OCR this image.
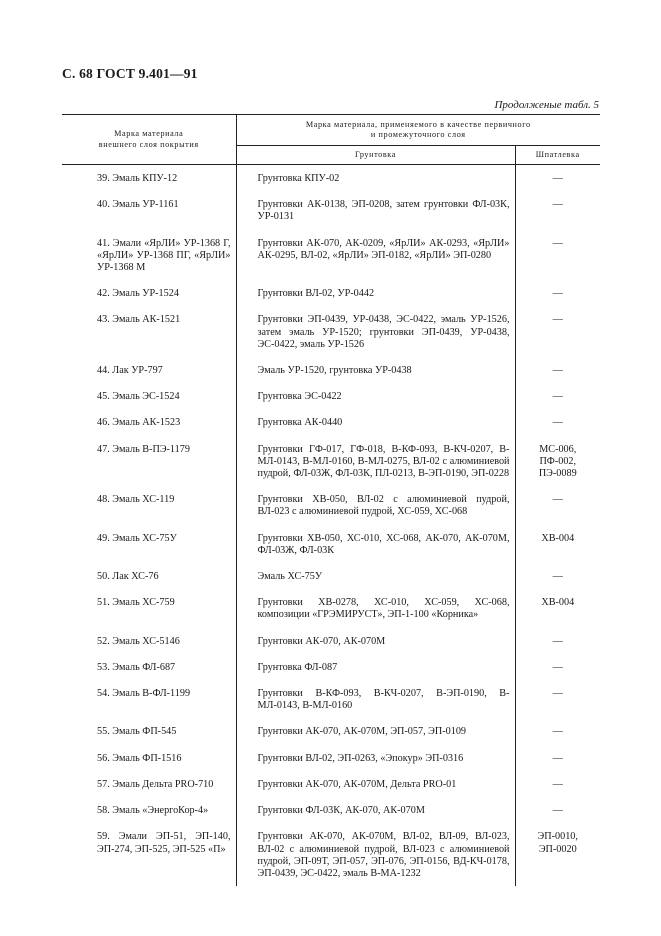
С. 68 ГОСТ 9.401—91
Продолженые табл. 5
Марка материала
внешнего слоя покрытия	Марка материала, применяемого в качестве первичного
и промежуточного слоя	
	Грунтовка	Шпатлевка

39. Эмаль КПУ-12	Грунтовка КПУ-02	—

40. Эмаль УР-1161	Грунтовки АК-0138, ЭП-0208, затем грунтовки ФЛ-03К, УР-0131	—

41. Эмали «ЯрЛИ» УР-1368 Г, «ЯрЛИ» УР-1368 ПГ, «ЯрЛИ» УР-1368 М	Грунтовки АК-070, АК-0209, «ЯрЛИ» АК-0293, «ЯрЛИ» АК-0295, ВЛ-02, «ЯрЛИ» ЭП-0182, «ЯрЛИ» ЭП-0280	—

42. Эмаль УР-1524	Грунтовки ВЛ-02, УР-0442	—

43. Эмаль АК-1521	Грунтовки ЭП-0439, УР-0438, ЭС-0422, эмаль УР-1526, затем эмаль УР-1520; грунтовки ЭП-0439, УР-0438, ЭС-0422, эмаль УР-1526	—

44. Лак УР-797	Эмаль УР-1520, грунтовка УР-0438	—

45. Эмаль ЭС-1524	Грунтовка ЭС-0422	—

46. Эмаль АК-1523	Грунтовка АК-0440	—

47. Эмаль В-ПЭ-1179	Грунтовки ГФ-017, ГФ-018, В-КФ-093, В-КЧ-0207, В-МЛ-0143, В-МЛ-0160, В-МЛ-0275, ВЛ-02 с алюминиевой пудрой, ФЛ-03Ж, ФЛ-03К, ПЛ-0213, В-ЭП-0190, ЭП-0228	МС-006,
ПФ-002,
ПЭ-0089

48. Эмаль ХС-119	Грунтовки ХВ-050, ВЛ-02 с алюминиевой пудрой, ВЛ-023 с алюминиевой пудрой, ХС-059, ХС-068	—

49. Эмаль ХС-75У	Грунтовки ХВ-050, ХС-010, ХС-068, АК-070, АК-070М, ФЛ-03Ж, ФЛ-03К	ХВ-004

50. Лак ХС-76	Эмаль ХС-75У	—

51. Эмаль ХС-759	Грунтовки ХВ-0278, ХС-010, ХС-059, ХС-068, композиции «ГРЭМИРУСТ», ЭП-1-100 «Корника»	ХВ-004

52. Эмаль ХС-5146	Грунтовки АК-070, АК-070М	—

53. Эмаль ФЛ-687	Грунтовка ФЛ-087	—

54. Эмаль В-ФЛ-1199	Грунтовки В-КФ-093, В-КЧ-0207, В-ЭП-0190, В-МЛ-0143, В-МЛ-0160	—

55. Эмаль ФП-545	Грунтовки АК-070, АК-070М, ЭП-057, ЭП-0109	—

56. Эмаль ФП-1516	Грунтовки ВЛ-02, ЭП-0263, «Эпокур» ЭП-0316	—

57. Эмаль Дельта PRO-710	Грунтовки АК-070, АК-070М, Дельта PRO-01	—

58. Эмаль «ЭнергоКор-4»	Грунтовки ФЛ-03К, АК-070, АК-070М	—

59. Эмали ЭП-51, ЭП-140, ЭП-274, ЭП-525, ЭП-525 «П»	Грунтовки АК-070, АК-070М, ВЛ-02, ВЛ-09, ВЛ-023, ВЛ-02 с алюминиевой пудрой, ВЛ-023 с алюминиевой пудрой, ЭП-09Т, ЭП-057, ЭП-076, ЭП-0156, ВД-КЧ-0178, ЭП-0439, ЭС-0422, эмаль В-МА-1232	ЭП-0010,
ЭП-0020
